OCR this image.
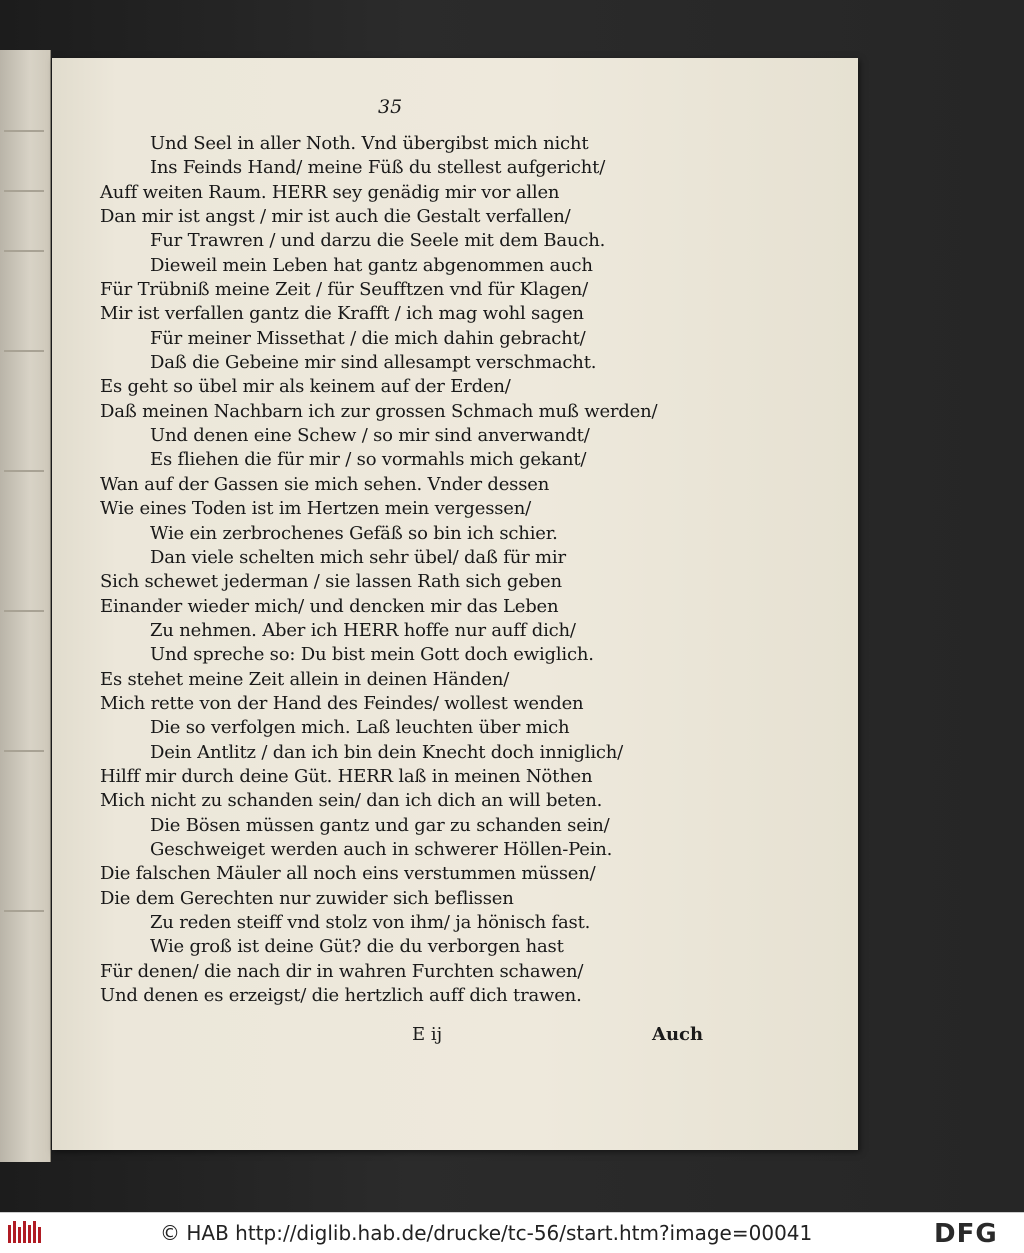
35
Und Seel in aller Noth. Vnd übergibst mich nicht
Ins Feinds Hand/ meine Füß du stellest aufgericht/
Auff weiten Raum. HERR sey genädig mir vor allen
Dan mir ist angst / mir ist auch die Gestalt verfallen/
Fur Trawren / und darzu die Seele mit dem Bauch.
Dieweil mein Leben hat gantz abgenommen auch
Für Trübniß meine Zeit / für Seufftzen vnd für Klagen/
Mir ist verfallen gantz die Krafft / ich mag wohl sagen
Für meiner Missethat / die mich dahin gebracht/
Daß die Gebeine mir sind allesampt verschmacht.
Es geht so übel mir als keinem auf der Erden/
Daß meinen Nachbarn ich zur grossen Schmach muß werden/
Und denen eine Schew / so mir sind anverwandt/
Es fliehen die für mir / so vormahls mich gekant/
Wan auf der Gassen sie mich sehen. Vnder dessen
Wie eines Toden ist im Hertzen mein vergessen/
Wie ein zerbrochenes Gefäß so bin ich schier.
Dan viele schelten mich sehr übel/ daß für mir
Sich schewet jederman / sie lassen Rath sich geben
Einander wieder mich/ und dencken mir das Leben
Zu nehmen. Aber ich HERR hoffe nur auff dich/
Und spreche so: Du bist mein Gott doch ewiglich.
Es stehet meine Zeit allein in deinen Händen/
Mich rette von der Hand des Feindes/ wollest wenden
Die so verfolgen mich. Laß leuchten über mich
Dein Antlitz / dan ich bin dein Knecht doch inniglich/
Hilff mir durch deine Güt. HERR laß in meinen Nöthen
Mich nicht zu schanden sein/ dan ich dich an will beten.
Die Bösen müssen gantz und gar zu schanden sein/
Geschweiget werden auch in schwerer Höllen-Pein.
Die falschen Mäuler all noch eins verstummen müssen/
Die dem Gerechten nur zuwider sich beflissen
Zu reden steiff vnd stolz von ihm/ ja hönisch fast.
Wie groß ist deine Güt? die du verborgen hast
Für denen/ die nach dir in wahren Furchten schawen/
Und denen es erzeigst/ die hertzlich auff dich trawen.
E ij	Auch
© HAB http://diglib.hab.de/drucke/tc-56/start.htm?image=00041	DFG
